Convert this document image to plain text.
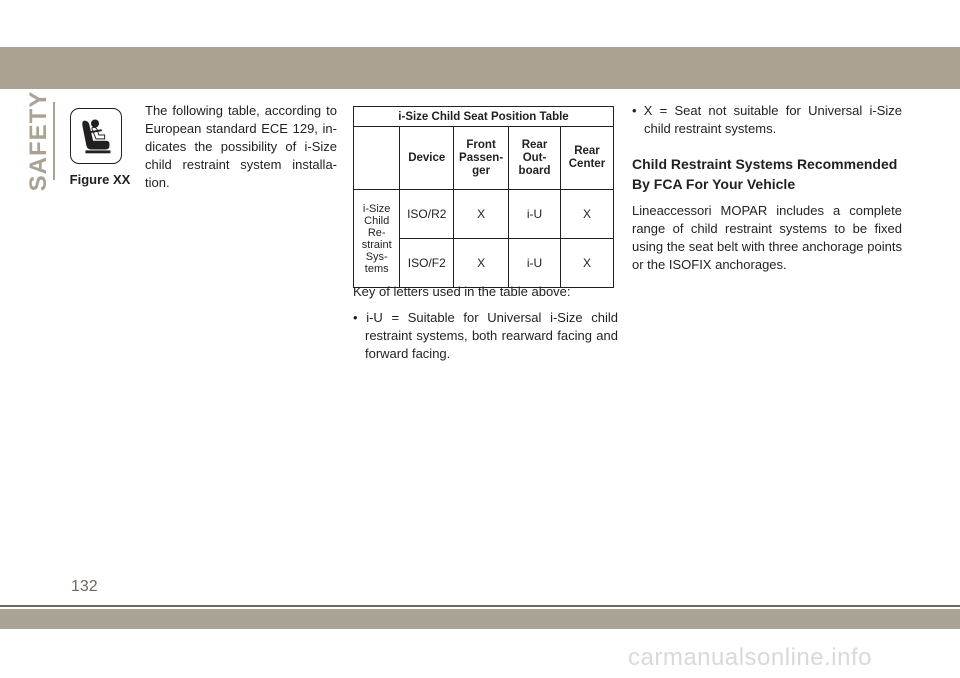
SAFETY	Figure XX
The following table, according to European standard ECE 129, in-dicates the possibility of i-Size child restraint system installa-tion.
i-Size Child Seat Position Table				
	Device	Front Passen- ger	Rear Out- board	Rear Center
i-Size Child Re- straint Sys- tems	ISO/R2	X	i-U	X
	ISO/F2	X	i-U	X

Key of letters used in the table above:

• i-U = Suitable for Universal i-Size child restraint systems, both rearward facing and forward facing.

• X = Seat not suitable for Universal i-Size child restraint systems.

Child Restraint Systems Recommended By FCA For Your Vehicle

Lineaccessori MOPAR includes a complete range of child restraint systems to be fixed using the seat belt with three anchorage points or the ISOFIX anchorages.

132
carmanualsonline.info
